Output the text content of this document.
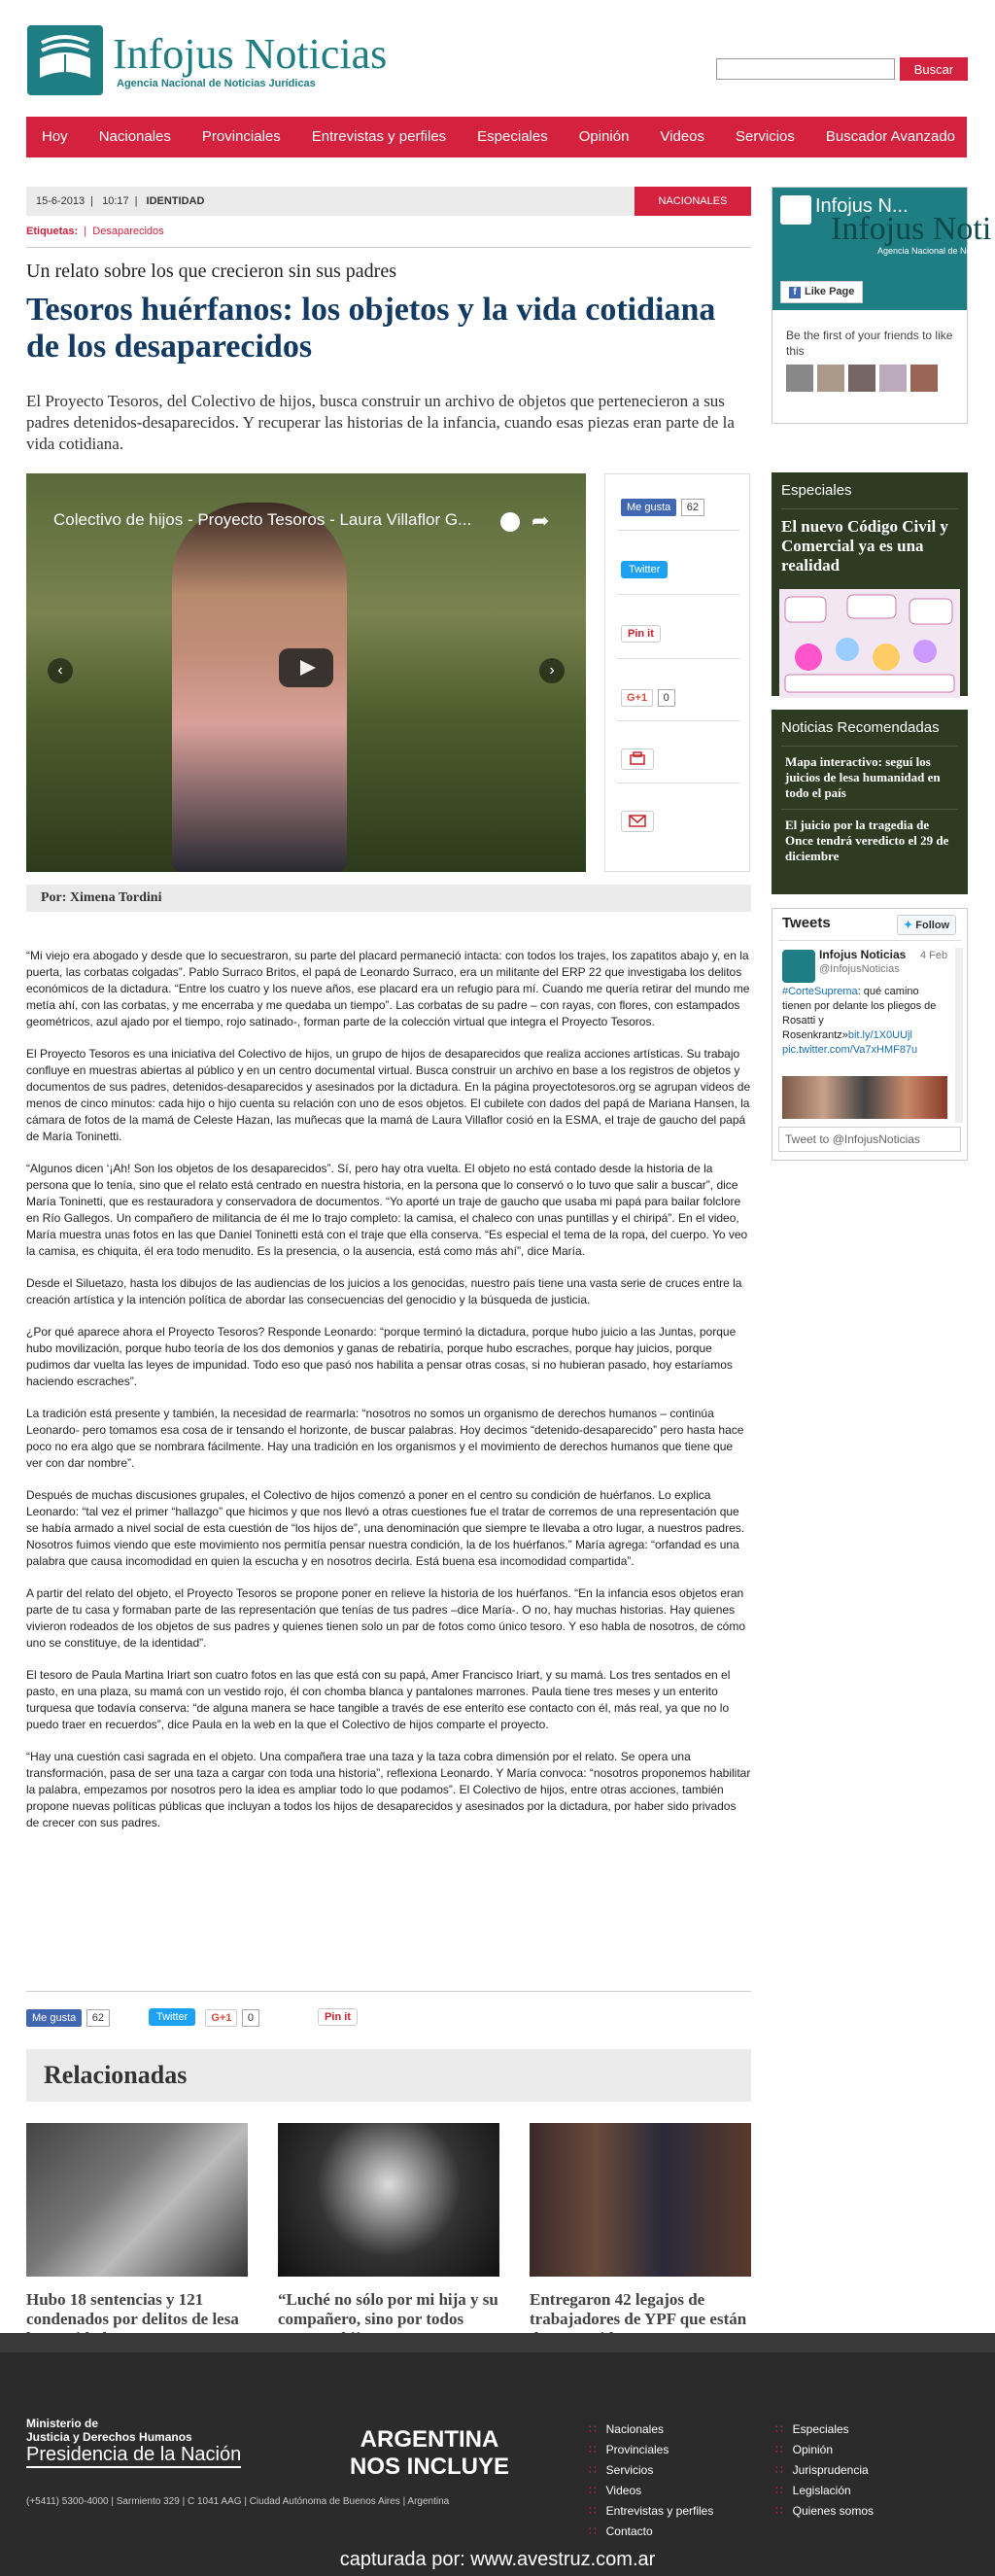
Infojus Noticias
Agencia Nacional de Noticias Jurídicas
Buscar
Hoy	Nacionales	Provinciales	Entrevistas y perfiles	Especiales	Opinión	Videos	Servicios	Buscador Avanzado
15-6-2013 | 10:17 | IDENTIDAD	NACIONALES
Etiquetas:  |  Desaparecidos
Un relato sobre los que crecieron sin sus padres
Tesoros huérfanos: los objetos y la vida cotidiana de los desaparecidos

El Proyecto Tesoros, del Colectivo de hijos, busca construir un archivo de objetos que pertenecieron a sus padres detenidos-desaparecidos. Y recuperar las historias de la infancia, cuando esas piezas eran parte de la vida cotidiana.

Colectivo de hijos - Proyecto Tesoros - Laura Villaflor G...	➦
‹	›
Me gusta 62
Twitter
Pin it
G+1 0
Por: Ximena Tordini

“Mi viejo era abogado y desde que lo secuestraron, su parte del placard permaneció intacta: con todos los trajes, los zapatitos abajo y, en la puerta, las corbatas colgadas”. Pablo Surraco Britos, el papá de Leonardo Surraco, era un militante del ERP 22 que investigaba los delitos económicos de la dictadura. “Entre los cuatro y los nueve años, ese placard era un refugio para mí. Cuando me quería retirar del mundo me metía ahí, con las corbatas, y me encerraba y me quedaba un tiempo”. Las corbatas de su padre – con rayas, con flores, con estampados geométricos, azul ajado por el tiempo, rojo satinado-, forman parte de la colección virtual que integra el Proyecto Tesoros.

El Proyecto Tesoros es una iniciativa del Colectivo de hijos, un grupo de hijos de desaparecidos que realiza acciones artísticas. Su trabajo confluye en muestras abiertas al público y en un centro documental virtual. Busca construir un archivo en base a los registros de objetos y documentos de sus padres, detenidos-desaparecidos y asesinados por la dictadura. En la página proyectotesoros.org se agrupan videos de menos de cinco minutos: cada hijo o hijo cuenta su relación con uno de esos objetos. El cubilete con dados del papá de Mariana Hansen, la cámara de fotos de la mamá de Celeste Hazan, las muñecas que la mamá de Laura Villaflor cosió en la ESMA, el traje de gaucho del papá de María Toninetti.

“Algunos dicen ‘¡Ah! Son los objetos de los desaparecidos”. Sí, pero hay otra vuelta. El objeto no está contado desde la historia de la persona que lo tenía, sino que el relato está centrado en nuestra historia, en la persona que lo conservó o lo tuvo que salir a buscar”, dice María Toninetti, que es restauradora y conservadora de documentos. “Yo aporté un traje de gaucho que usaba mi papá para bailar folclore en Río Gallegos. Un compañero de militancia de él me lo trajo completo: la camisa, el chaleco con unas puntillas y el chiripá”. En el video, María muestra unas fotos en las que Daniel Toninetti está con el traje que ella conserva. “Es especial el tema de la ropa, del cuerpo. Yo veo la camisa, es chiquita, él era todo menudito. Es la presencia, o la ausencia, está como más ahí”, dice María.

Desde el Siluetazo, hasta los dibujos de las audiencias de los juicios a los genocidas, nuestro país tiene una vasta serie de cruces entre la creación artística y la intención política de abordar las consecuencias del genocidio y la búsqueda de justicia.

¿Por qué aparece ahora el Proyecto Tesoros? Responde Leonardo: “porque terminó la dictadura, porque hubo juicio a las Juntas, porque hubo movilización, porque hubo teoría de los dos demonios y ganas de rebatiría, porque hubo escraches, porque hay juicios, porque pudimos dar vuelta las leyes de impunidad. Todo eso que pasó nos habilita a pensar otras cosas, si no hubieran pasado, hoy estaríamos haciendo escraches”.

La tradición está presente y también, la necesidad de rearmarla: “nosotros no somos un organismo de derechos humanos – continúa Leonardo- pero tomamos esa cosa de ir tensando el horizonte, de buscar palabras. Hoy decimos “detenido-desaparecido” pero hasta hace poco no era algo que se nombrara fácilmente. Hay una tradición en los organismos y el movimiento de derechos humanos que tiene que ver con dar nombre”.

Después de muchas discusiones grupales, el Colectivo de hijos comenzó a poner en el centro su condición de huérfanos. Lo explica Leonardo: “tal vez el primer “hallazgo” que hicimos y que nos llevó a otras cuestiones fue el tratar de corremos de una representación que se había armado a nivel social de esta cuestión de “los hijos de”, una denominación que siempre te llevaba a otro lugar, a nuestros padres. Nosotros fuimos viendo que este movimiento nos permitía pensar nuestra condición, la de los huérfanos.” María agrega: “orfandad es una palabra que causa incomodidad en quien la escucha y en nosotros decirla. Está buena esa incomodidad compartida”.

A partir del relato del objeto, el Proyecto Tesoros se propone poner en relieve la historia de los huérfanos. “En la infancia esos objetos eran parte de tu casa y formaban parte de las representación que tenías de tus padres –dice María-. O no, hay muchas historias. Hay quienes vivieron rodeados de los objetos de sus padres y quienes tienen solo un par de fotos como único tesoro. Y eso habla de nosotros, de cómo uno se constituye, de la identidad”.

El tesoro de Paula Martina Iriart son cuatro fotos en las que está con su papá, Amer Francisco Iriart, y su mamá. Los tres sentados en el pasto, en una plaza, su mamá con un vestido rojo, él con chomba blanca y pantalones marrones. Paula tiene tres meses y un enterito turquesa que todavía conserva: “de alguna manera se hace tangible a través de ese enterito ese contacto con él, más real, ya que no lo puedo traer en recuerdos”, dice Paula en la web en la que el Colectivo de hijos comparte el proyecto.

“Hay una cuestión casi sagrada en el objeto. Una compañera trae una taza y la taza cobra dimensión por el relato. Se opera una transformación, pasa de ser una taza a cargar con toda una historia”, reflexiona Leonardo. Y María convoca: “nosotros proponemos habilitar la palabra, empezamos por nosotros pero la idea es ampliar todo lo que podamos”. El Colectivo de hijos, entre otras acciones, también propone nuevas políticas públicas que incluyan a todos los hijos de desaparecidos y asesinados por la dictadura, por haber sido privados de crecer con sus padres.

Me gusta 62	Twitter	G+1 0	Pin it
Relacionadas
Hubo 18 sentencias y 121 condenados por delitos de lesa
“Luché no sólo por mi hija y su compañero, sino por todos
Entregaron 42 legajos de trabajadores de YPF que están
Infojus N...
Infojus Noti
Agencia Nacional de Noticias
f Like Page
Be the first of your friends to like this
Especiales
El nuevo Código Civil y Comercial ya es una realidad
Noticias Recomendadas
Mapa interactivo: seguí los juicios de lesa humanidad en todo el país
El juicio por la tragedia de Once tendrá veredicto el 29 de diciembre
Tweets	✦ Follow
Infojus Noticias
@InfojusNoticias
4 Feb
#CorteSuprema: qué camino tienen por delante los pliegos de Rosatti y Rosenkrantz»bit.ly/1X0UUjl
pic.twitter.com/Va7xHMF87u
Tweet to @InfojusNoticias
Ministerio de
Justicia y Derechos Humanos
Presidencia de la Nación
(+5411) 5300-4000 | Sarmiento 329 | C 1041 AAG | Ciudad Autónoma de Buenos Aires | Argentina
ARGENTINA
NOS INCLUYE
∷ Nacionales
∷ Provinciales
∷ Servicios
∷ Videos
∷ Entrevistas y perfiles
∷ Contacto
∷ Especiales
∷ Opinión
∷ Jurisprudencia
∷ Legislación
∷ Quienes somos
capturada por: www.avestruz.com.ar
